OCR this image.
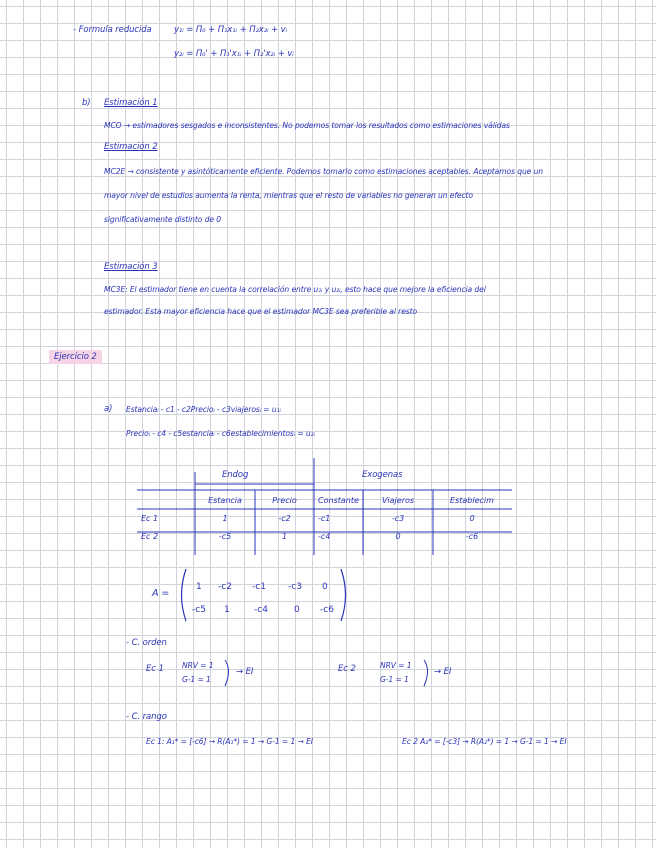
- Formula reducida	y₁ᵢ = Π₀ + Π₁x₁ᵢ + Π₂x₂ᵢ + vᵢ
y₂ᵢ = Π₀' + Π₁'x₁ᵢ + Π₂'x₂ᵢ + vᵢ
b) Estimación 1
MCO → estimadores sesgados e inconsistentes. No podemos tomar los resultados como estimaciones válidas
Estimación 2
MC2E → consistente y asintóticamente eficiente. Podemos tomarlo como estimaciones aceptables. Aceptamos que un
mayor nivel de estudios aumenta la renta, mientras que el resto de variables no generan un efecto
significativamente distinto de 0
Estimación 3
MC3E: El estimador tiene en cuenta la correlación entre u₁ᵢ y u₂ᵢ, esto hace que mejore la eficiencia del
estimador. Esta mayor eficiencia hace que el estimador MC3E sea preferible al resto
Ejercicio 2
a) Estanciaᵢ - c1 - c2Precioᵢ - c3viajerosᵢ = u₁ᵢ
Precioᵢ - c4 - c5estanciaᵢ - c6establecimientosᵢ = u₂ᵢ
Endog	Exogenas
	Estancia	Precio	Constante	Viajeros	Establecim
Ec 1	1	-c2	-c1	-c3	0
Ec 2	-c5	1	-c4	0	-c6
A =
1 -c2 -c1 -c3 0
-c5 1	-c4	0 -c6
- C. orden
Ec 1 NRV = 1
G-1 = 1
→ EI	Ec 2	NRV = 1
G-1 = 1
→ EI
- C. rango
Ec 1: A₁* = [-c6] → R(A₁*) = 1 → G-1 = 1 → EI	Ec 2 A₂* = [-c3] → R(A₂*) = 1 → G-1 = 1 → EI
